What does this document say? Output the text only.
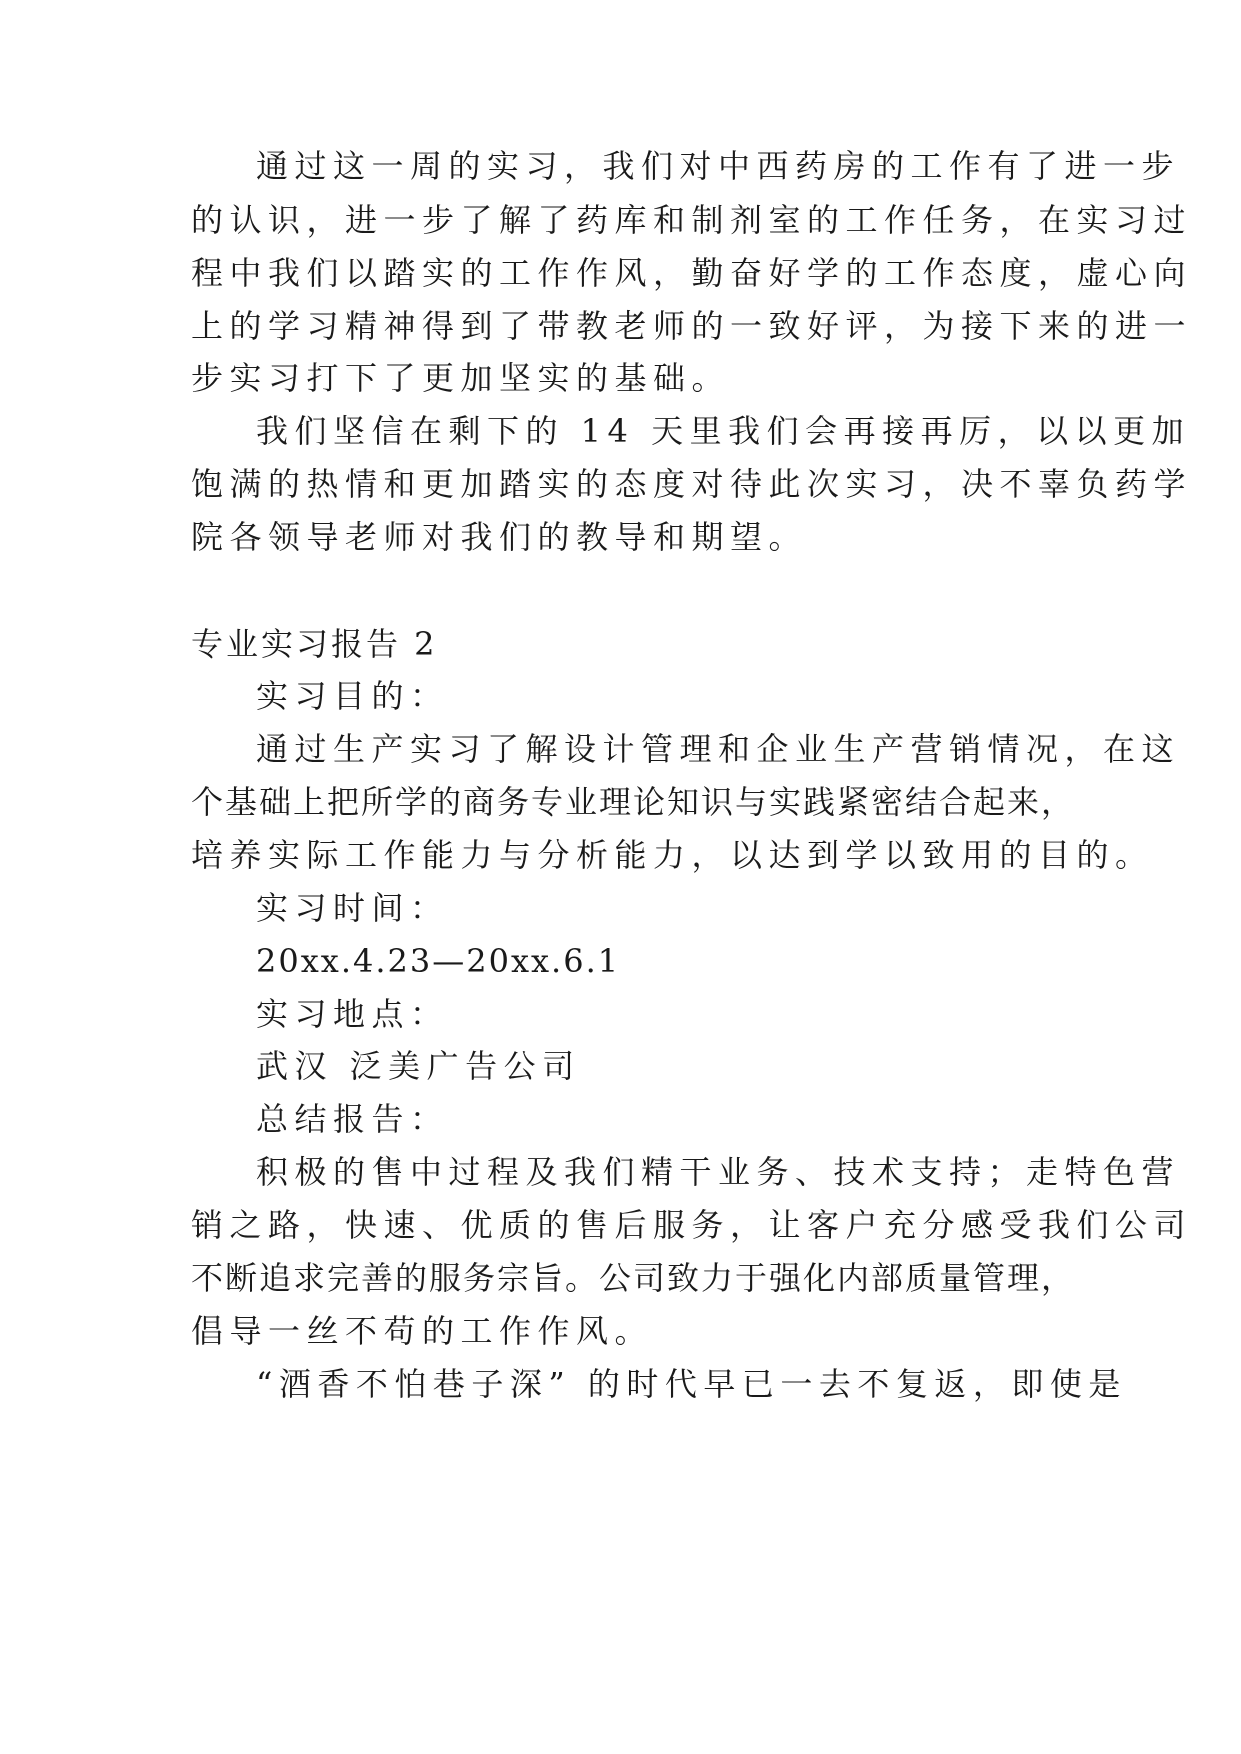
通过这一周的实习，我们对中西药房的工作有了进一步
的认识，进一步了解了药库和制剂室的工作任务，在实习过
程中我们以踏实的工作作风，勤奋好学的工作态度，虚心向
上的学习精神得到了带教老师的一致好评，为接下来的进一
步实习打下了更加坚实的基础。
我们坚信在剩下的 14 天里我们会再接再厉，以以更加
饱满的热情和更加踏实的态度对待此次实习，决不辜负药学
院各领导老师对我们的教导和期望。
专业实习报告 2
实习目的：
通过生产实习了解设计管理和企业生产营销情况，在这
个基础上把所学的商务专业理论知识与实践紧密结合起来，
培养实际工作能力与分析能力，以达到学以致用的目的。
实习时间：
20xx.4.23—20xx.6.1
实习地点：
武汉 泛美广告公司
总结报告：
积极的售中过程及我们精干业务、技术支持；走特色营
销之路，快速、优质的售后服务，让客户充分感受我们公司
不断追求完善的服务宗旨。公司致力于强化内部质量管理，
倡导一丝不苟的工作作风。
“酒香不怕巷子深” 的时代早已一去不复返，即使是
